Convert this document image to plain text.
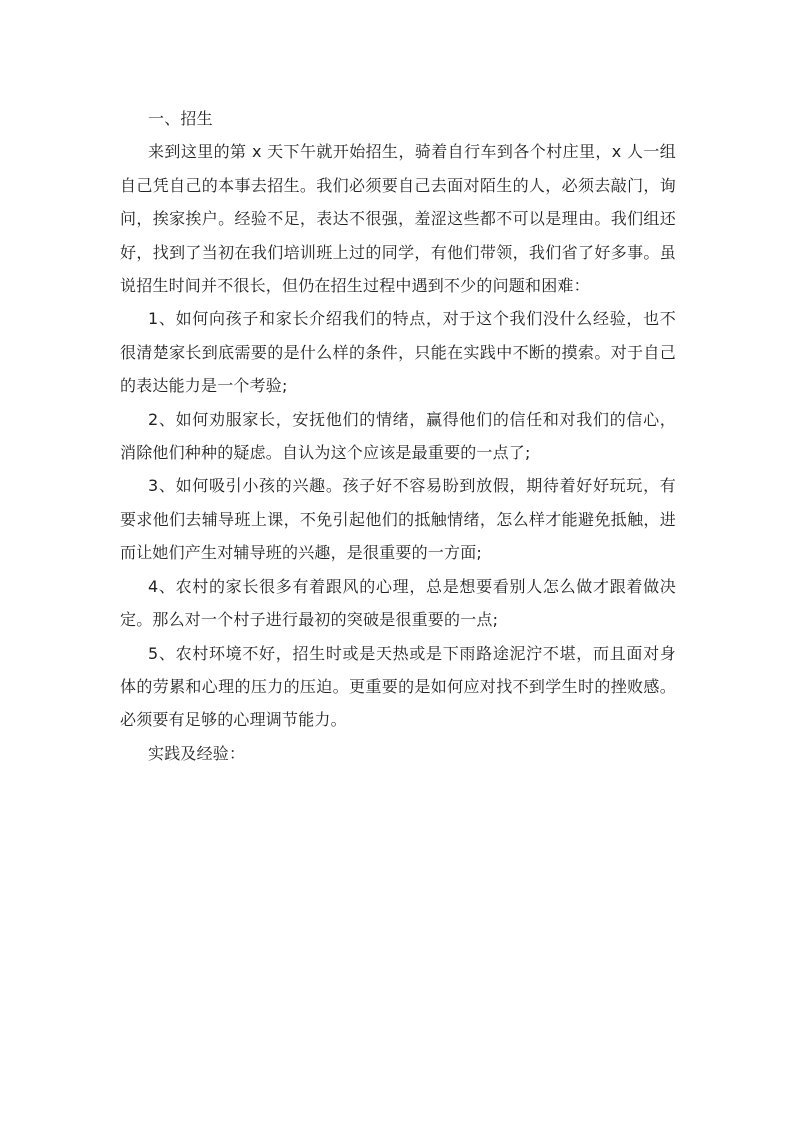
一、招生

来到这里的第 x 天下午就开始招生，骑着自行车到各个村庄里，x 人一组自己凭自己的本事去招生。我们必须要自己去面对陌生的人，必须去敲门，询问，挨家挨户。经验不足，表达不很强，羞涩这些都不可以是理由。我们组还好，找到了当初在我们培训班上过的同学，有他们带领，我们省了好多事。虽说招生时间并不很长，但仍在招生过程中遇到不少的问题和困难：

1、如何向孩子和家长介绍我们的特点，对于这个我们没什么经验，也不很清楚家长到底需要的是什么样的条件，只能在实践中不断的摸索。对于自己的表达能力是一个考验;

2、如何劝服家长，安抚他们的情绪，赢得他们的信任和对我们的信心，消除他们种种的疑虑。自认为这个应该是最重要的一点了;

3、如何吸引小孩的兴趣。孩子好不容易盼到放假，期待着好好玩玩，有要求他们去辅导班上课，不免引起他们的抵触情绪，怎么样才能避免抵触，进而让她们产生对辅导班的兴趣，是很重要的一方面;

4、农村的家长很多有着跟风的心理，总是想要看别人怎么做才跟着做决定。那么对一个村子进行最初的突破是很重要的一点;

5、农村环境不好，招生时或是天热或是下雨路途泥泞不堪，而且面对身体的劳累和心理的压力的压迫。更重要的是如何应对找不到学生时的挫败感。必须要有足够的心理调节能力。

实践及经验：
